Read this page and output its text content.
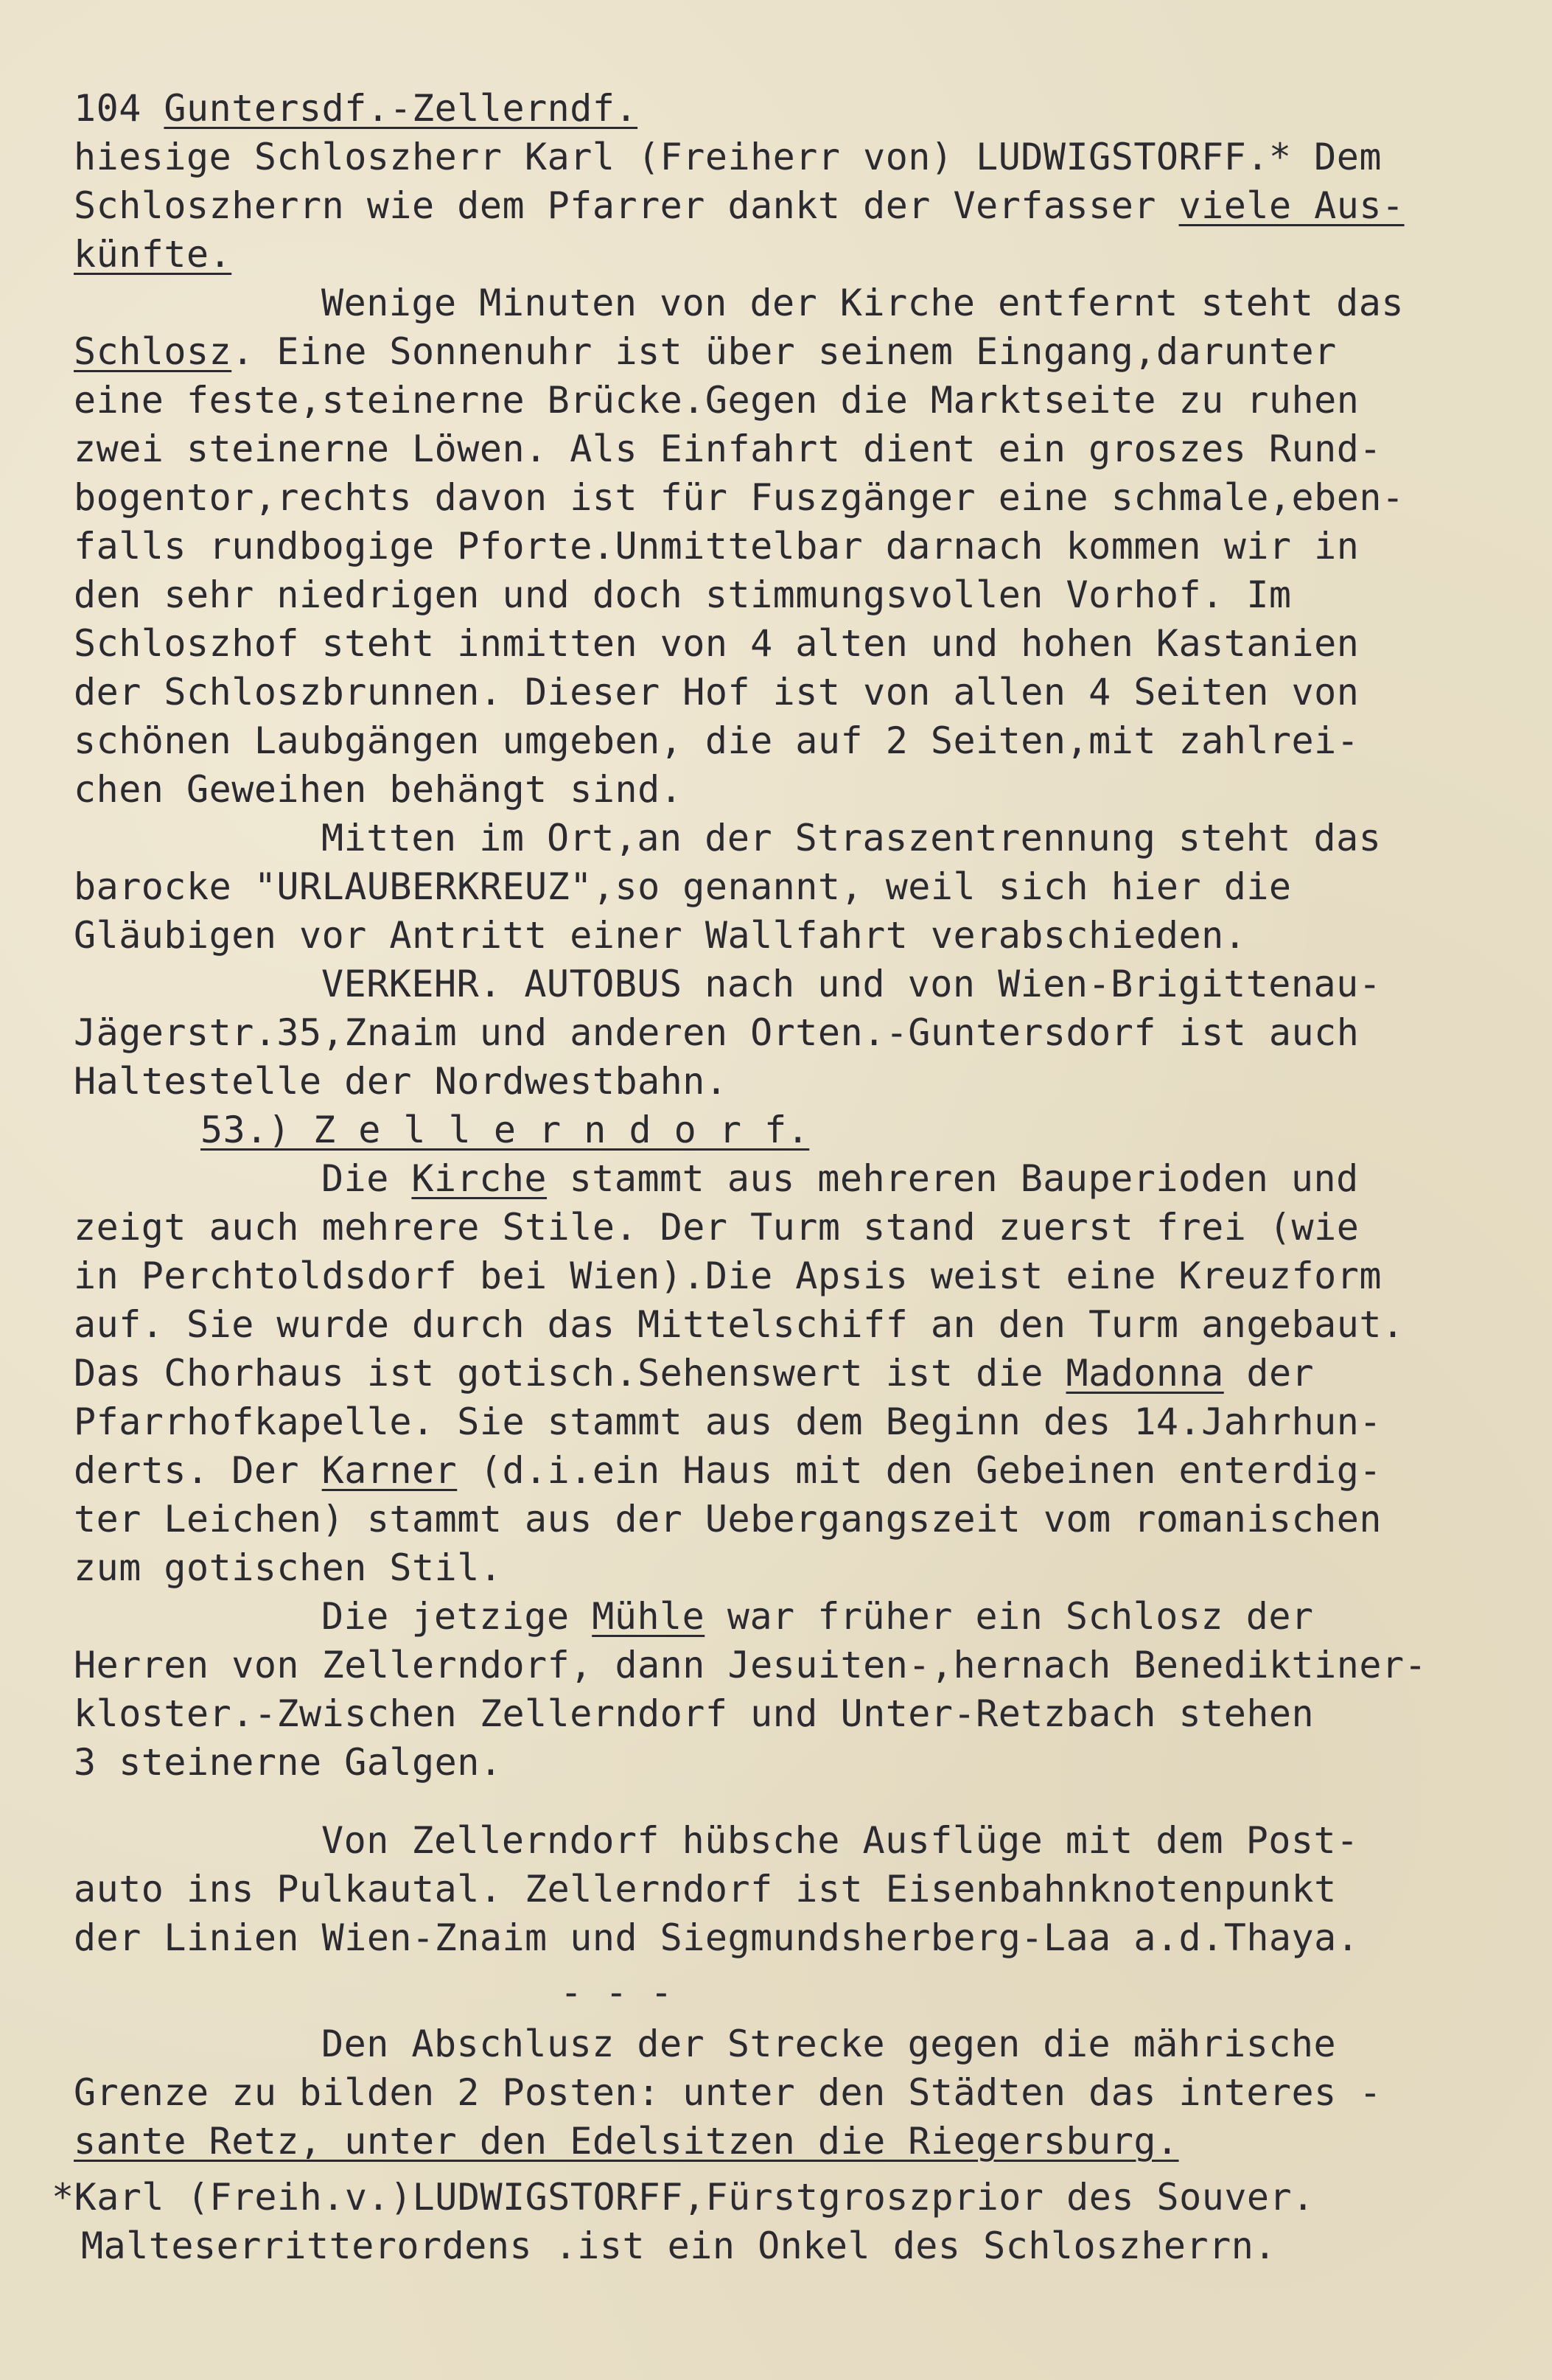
104 Guntersdf.-Zellerndf.
hiesige Schloszherr Karl (Freiherr von) LUDWIGSTORFF.* Dem
Schloszherrn wie dem Pfarrer dankt der Verfasser viele Aus-
künfte.
Wenige Minuten von der Kirche entfernt steht das
Schlosz. Eine Sonnenuhr ist über seinem Eingang,darunter
eine feste,steinerne Brücke.Gegen die Marktseite zu ruhen
zwei steinerne Löwen. Als Einfahrt dient ein groszes Rund-
bogentor,rechts davon ist für Fuszgänger eine schmale,eben-
falls rundbogige Pforte.Unmittelbar darnach kommen wir in
den sehr niedrigen und doch stimmungsvollen Vorhof. Im
Schloszhof steht inmitten von 4 alten und hohen Kastanien
der Schloszbrunnen. Dieser Hof ist von allen 4 Seiten von
schönen Laubgängen umgeben, die auf 2 Seiten,mit zahlrei-
chen Geweihen behängt sind.
Mitten im Ort,an der Straszentrennung steht das
barocke "URLAUBERKREUZ",so genannt, weil sich hier die
Gläubigen vor Antritt einer Wallfahrt verabschieden.
VERKEHR. AUTOBUS nach und von Wien-Brigittenau-
Jägerstr.35,Znaim und anderen Orten.-Guntersdorf ist auch
Haltestelle der Nordwestbahn.
53.) Z e l l e r n d o r f.
Die Kirche stammt aus mehreren Bauperioden und
zeigt auch mehrere Stile. Der Turm stand zuerst frei (wie
in Perchtoldsdorf bei Wien).Die Apsis weist eine Kreuzform
auf. Sie wurde durch das Mittelschiff an den Turm angebaut.
Das Chorhaus ist gotisch.Sehenswert ist die Madonna der
Pfarrhofkapelle. Sie stammt aus dem Beginn des 14.Jahrhun-
derts. Der Karner (d.i.ein Haus mit den Gebeinen enterdig-
ter Leichen) stammt aus der Uebergangszeit vom romanischen
zum gotischen Stil.
Die jetzige Mühle war früher ein Schlosz der
Herren von Zellerndorf, dann Jesuiten-,hernach Benediktiner-
kloster.-Zwischen Zellerndorf und Unter-Retzbach stehen
3 steinerne Galgen.
Von Zellerndorf hübsche Ausflüge mit dem Post-
auto ins Pulkautal. Zellerndorf ist Eisenbahnknotenpunkt
der Linien Wien-Znaim und Siegmundsherberg-Laa a.d.Thaya.
- - -
Den Abschlusz der Strecke gegen die mährische
Grenze zu bilden 2 Posten: unter den Städten das interes -
sante Retz, unter den Edelsitzen die Riegersburg.
*Karl (Freih.v.)LUDWIGSTORFF,Fürstgroszprior des Souver.
Malteserritterordens .ist ein Onkel des Schloszherrn.
